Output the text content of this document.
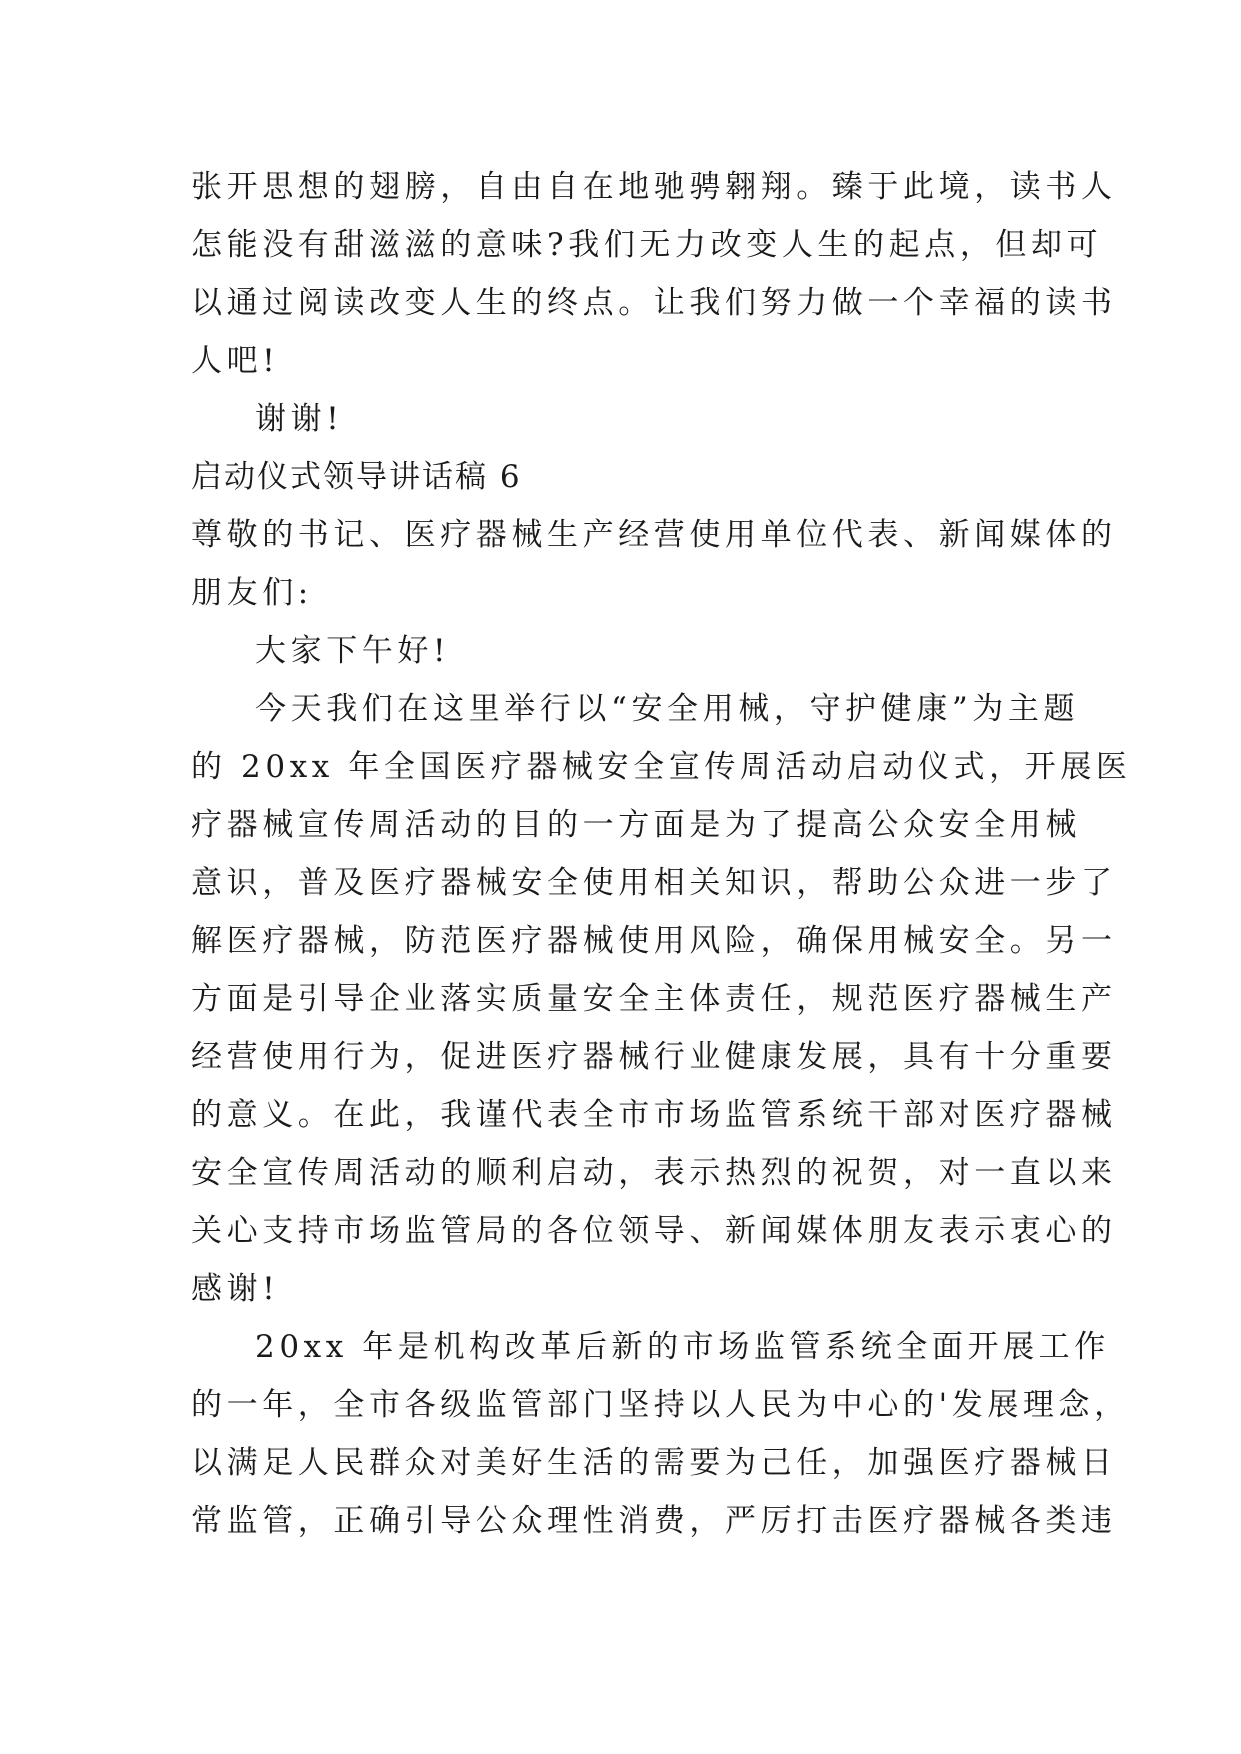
张开思想的翅膀，自由自在地驰骋翱翔。臻于此境，读书人
怎能没有甜滋滋的意味?我们无力改变人生的起点，但却可
以通过阅读改变人生的终点。让我们努力做一个幸福的读书
人吧!
谢谢!
启动仪式领导讲话稿 6
尊敬的书记、医疗器械生产经营使用单位代表、新闻媒体的
朋友们:
大家下午好!
今天我们在这里举行以“安全用械，守护健康”为主题
的 20xx 年全国医疗器械安全宣传周活动启动仪式，开展医
疗器械宣传周活动的目的一方面是为了提高公众安全用械
意识，普及医疗器械安全使用相关知识，帮助公众进一步了
解医疗器械，防范医疗器械使用风险，确保用械安全。另一
方面是引导企业落实质量安全主体责任，规范医疗器械生产
经营使用行为，促进医疗器械行业健康发展，具有十分重要
的意义。在此，我谨代表全市市场监管系统干部对医疗器械
安全宣传周活动的顺利启动，表示热烈的祝贺，对一直以来
关心支持市场监管局的各位领导、新闻媒体朋友表示衷心的
感谢!
20xx 年是机构改革后新的市场监管系统全面开展工作
的一年，全市各级监管部门坚持以人民为中心的'发展理念，
以满足人民群众对美好生活的需要为己任，加强医疗器械日
常监管，正确引导公众理性消费，严厉打击医疗器械各类违
